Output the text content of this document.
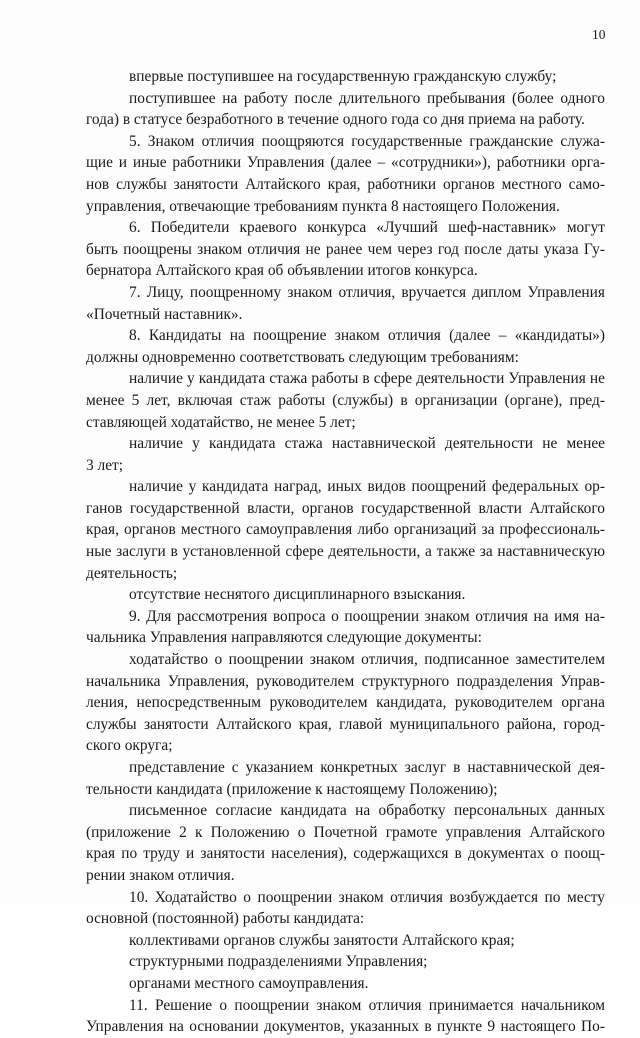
10
впервые поступившее на государственную гражданскую службу;
поступившее на работу после длительного пребывания (более одного
года) в статусе безработного в течение одного года со дня приема на работу.
5. Знаком отличия поощряются государственные гражданские служа-
щие и иные работники Управления (далее – «сотрудники»), работники орга-
нов службы занятости Алтайского края, работники органов местного само-
управления, отвечающие требованиям пункта 8 настоящего Положения.
6. Победители краевого конкурса «Лучший шеф-наставник» могут
быть поощрены знаком отличия не ранее чем через год после даты указа Гу-
бернатора Алтайского края об объявлении итогов конкурса.
7. Лицу, поощренному знаком отличия, вручается диплом Управления
«Почетный наставник».
8. Кандидаты на поощрение знаком отличия (далее – «кандидаты»)
должны одновременно соответствовать следующим требованиям:
наличие у кандидата стажа работы в сфере деятельности Управления не
менее 5 лет, включая стаж работы (службы) в организации (органе), пред-
ставляющей ходатайство, не менее 5 лет;
наличие у кандидата стажа наставнической деятельности не менее
3 лет;
наличие у кандидата наград, иных видов поощрений федеральных ор-
ганов государственной власти, органов государственной власти Алтайского
края, органов местного самоуправления либо организаций за профессиональ-
ные заслуги в установленной сфере деятельности, а также за наставническую
деятельность;
отсутствие неснятого дисциплинарного взыскания.
9. Для рассмотрения вопроса о поощрении знаком отличия на имя на-
чальника Управления направляются следующие документы:
ходатайство о поощрении знаком отличия, подписанное заместителем
начальника Управления, руководителем структурного подразделения Управ-
ления, непосредственным руководителем кандидата, руководителем органа
службы занятости Алтайского края, главой муниципального района, город-
ского округа;
представление с указанием конкретных заслуг в наставнической дея-
тельности кандидата (приложение к настоящему Положению);
письменное согласие кандидата на обработку персональных данных
(приложение 2 к Положению о Почетной грамоте управления Алтайского
края по труду и занятости населения), содержащихся в документах о поощ-
рении знаком отличия.
10. Ходатайство о поощрении знаком отличия возбуждается по месту
основной (постоянной) работы кандидата:
коллективами органов службы занятости Алтайского края;
структурными подразделениями Управления;
органами местного самоуправления.
11. Решение о поощрении знаком отличия принимается начальником
Управления на основании документов, указанных в пункте 9 настоящего По-
